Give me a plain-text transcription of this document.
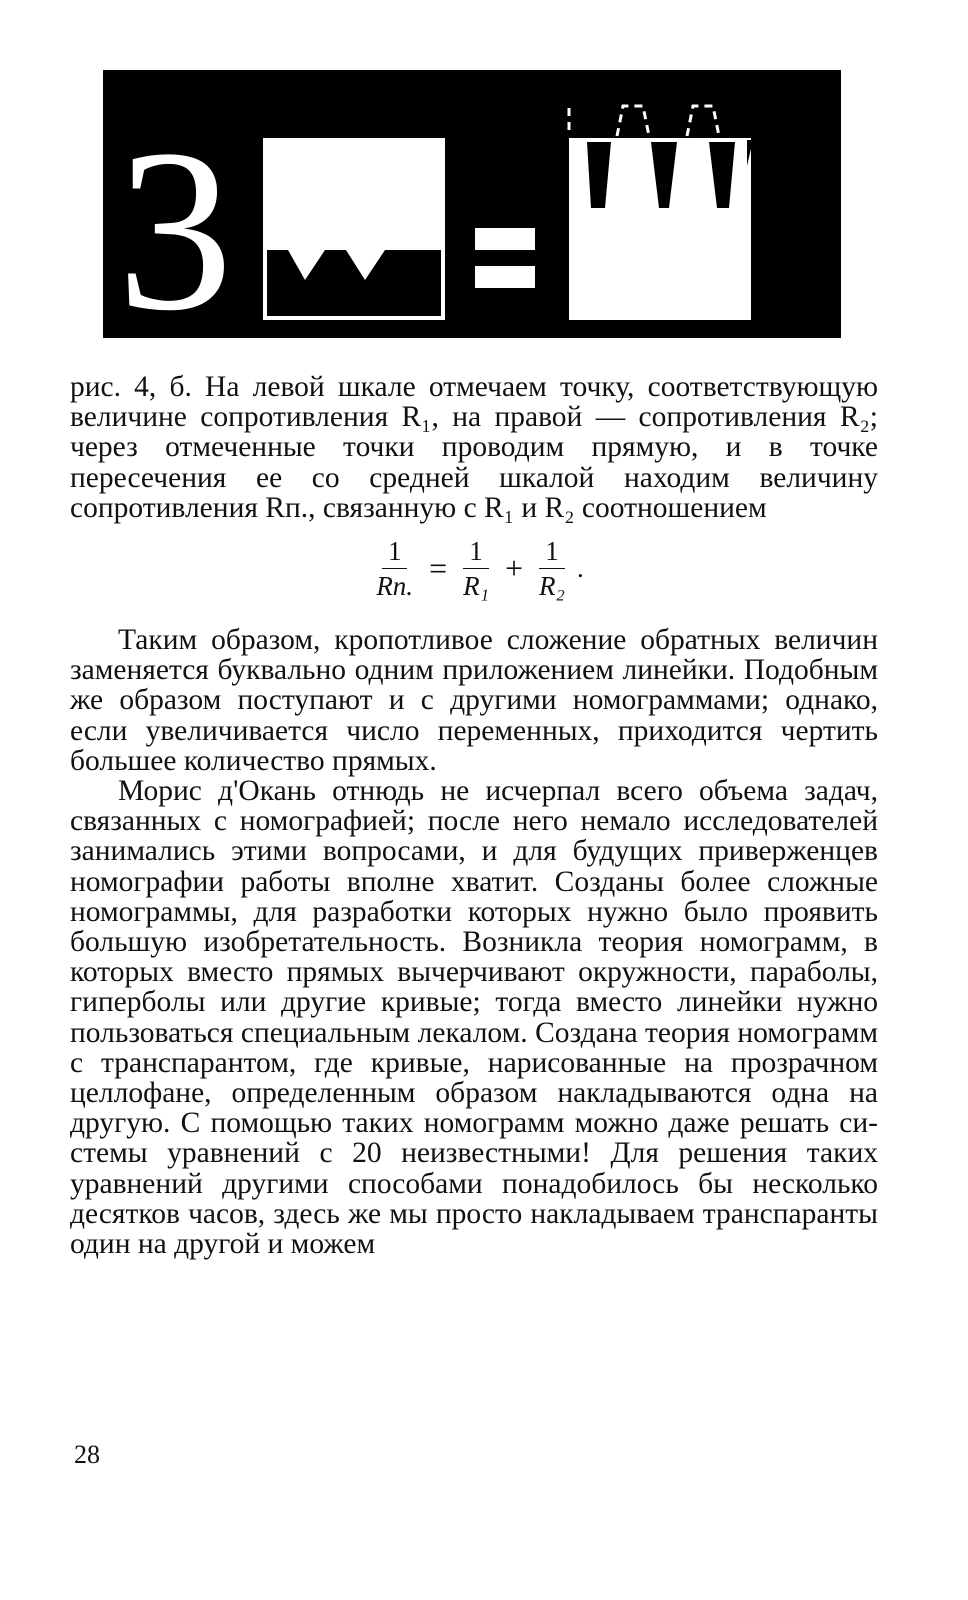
3

рис. 4, б. На левой шкале отмечаем точку, соответствующую величине сопротивления R₁, на правой — сопротивления R₂; через отмеченные точки проводим прямую, и в точке пересечения ее со средней шкалой находим величину сопротивления Rп., связанную с R₁ и R₂ соотношением

$\frac{1}{Rп.} = \frac{1}{\text{R₁}} + \frac{1}{\text{R₂}}$ .

Таким образом, кропотливое сложение обратных величин заменяется буквально одним приложением линейки. Подобным же образом поступают и с другими номограммами; однако, если увеличивается число переменных, приходится чертить большее количество прямых.

Морис д'Окань отнюдь не исчерпал всего объема задач, связанных с номографией; после него немало исследователей занимались этими вопросами, и для будущих приверженцев номографии работы вполне хватит. Созданы более сложные номограммы, для разработки которых нужно было проявить большую изобретательность. Возникла теория номограмм, в которых вместо прямых вычерчивают окружности, параболы, гиперболы или другие кривые; тогда вместо линейки нужно пользоваться специальным лекалом. Создана теория номограмм с транспарантом, где кривые, нарисованные на прозрачном целлофане, определенным образом накладываются одна на другую. С помощью таких номограмм можно даже решать системы уравнений с 20 неизвестными! Для решения таких уравнений другими способами понадобилось бы несколько десятков часов, здесь же мы просто накладываем транспаранты один на другой и можем

28
